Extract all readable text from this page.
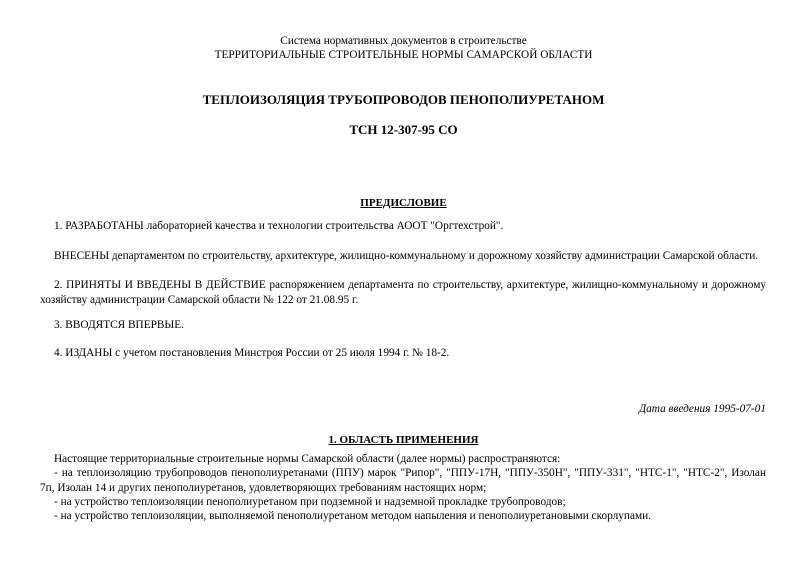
Система нормативных документов в строительстве
ТЕРРИТОРИАЛЬНЫЕ СТРОИТЕЛЬНЫЕ НОРМЫ САМАРСКОЙ ОБЛАСТИ
ТЕПЛОИЗОЛЯЦИЯ ТРУБОПРОВОДОВ ПЕНОПОЛИУРЕТАНОМ
ТСН 12-307-95 СО
ПРЕДИСЛОВИЕ
1. РАЗРАБОТАНЫ лабораторией качества и технологии строительства АООТ "Оргтехстрой".
ВНЕСЕНЫ департаментом по строительству, архитектуре, жилищно-коммунальному и дорожному хозяйству администрации Самарской области.
2. ПРИНЯТЫ И ВВЕДЕНЫ В ДЕЙСТВИЕ распоряжением департамента по строительству, архитектуре, жилищно-коммунальному и дорожному хозяйству администрации Самарской области № 122 от 21.08.95 г.
3. ВВОДЯТСЯ ВПЕРВЫЕ.
4. ИЗДАНЫ с учетом постановления Минстроя России от 25 июля 1994 г. № 18-2.
Дата введения 1995-07-01
1. ОБЛАСТЬ ПРИМЕНЕНИЯ
Настоящие территориальные строительные нормы Самарской области (далее нормы) распространяются:
- на теплоизоляцию трубопроводов пенополиуретанами (ППУ) марок "Рипор", "ППУ-17Н, "ППУ-350Н", "ППУ-331", "НТС-1", "НТС-2", Изолан 7п, Изолан 14 и других пенополиуретанов, удовлетворяющих требованиям настоящих норм;
- на устройство теплоизоляции пенополиуретаном при подземной и надземной прокладке трубопроводов;
- на устройство теплоизоляции, выполняемой пенополиуретаном методом напыления и пенополиуретановыми скорлупами.
